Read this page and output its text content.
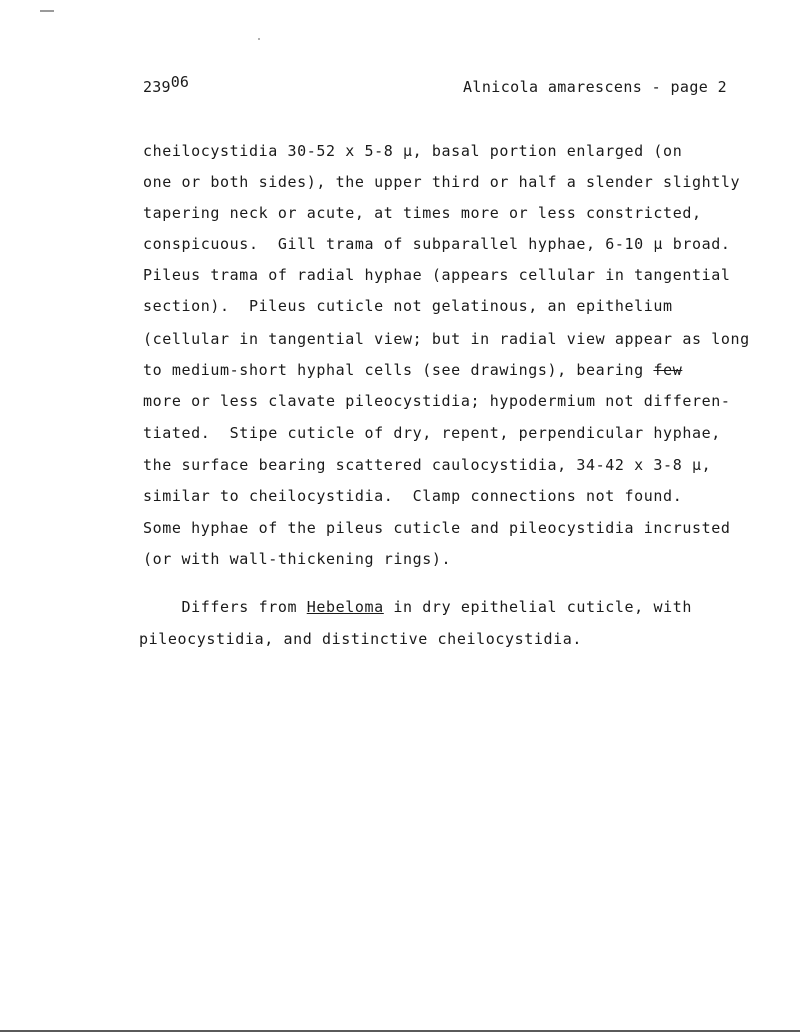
23906	Alnicola amarescens - page 2
cheilocystidia 30-52 x 5-8 µ, basal portion enlarged (on
one or both sides), the upper third or half a slender slightly
tapering neck or acute, at times more or less constricted,
conspicuous.  Gill trama of subparallel hyphae, 6-10 µ broad.
Pileus trama of radial hyphae (appears cellular in tangential
section).  Pileus cuticle not gelatinous, an epithelium
(cellular in tangential view; but in radial view appear as long
to medium-short hyphal cells (see drawings), bearing few
more or less clavate pileocystidia; hypodermium not differen-
tiated.  Stipe cuticle of dry, repent, perpendicular hyphae,
the surface bearing scattered caulocystidia, 34-42 x 3-8 µ,
similar to cheilocystidia.  Clamp connections not found.
Some hyphae of the pileus cuticle and pileocystidia incrusted
(or with wall-thickening rings).
Differs from Hebeloma in dry epithelial cuticle, with
pileocystidia, and distinctive cheilocystidia.
